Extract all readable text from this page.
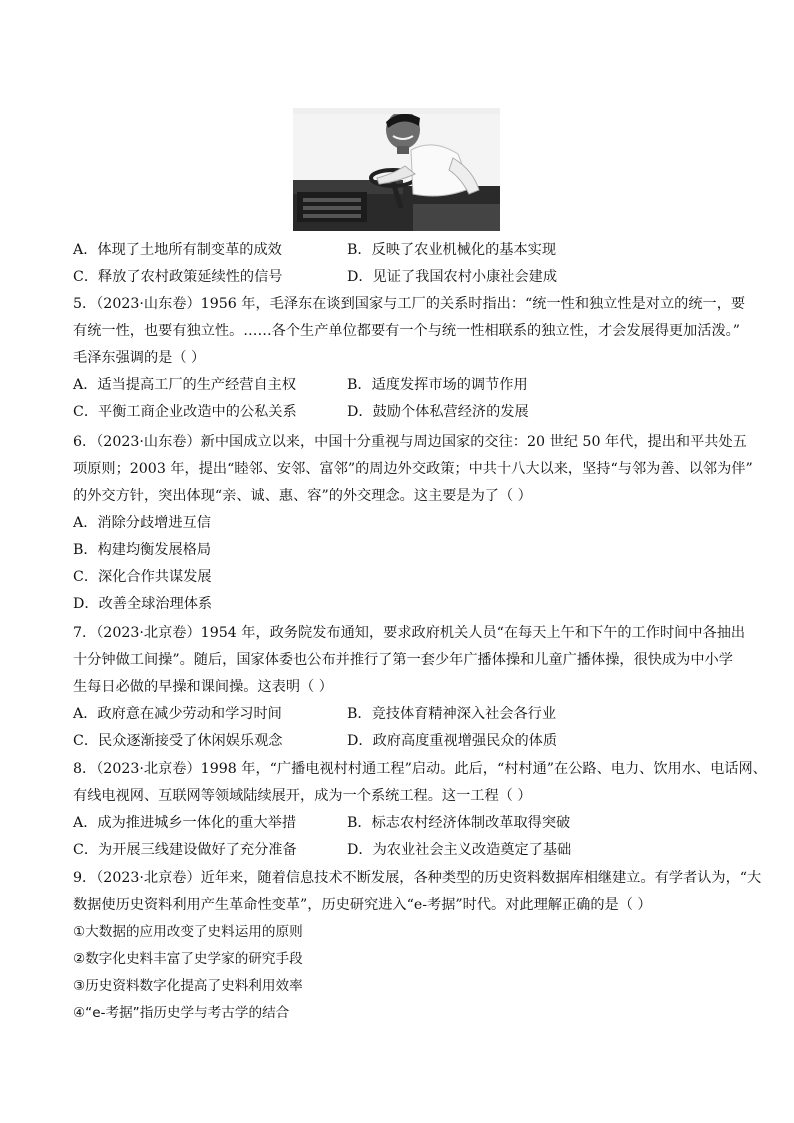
A．体现了土地所有制变革的成效	B．反映了农业机械化的基本实现
C．释放了农村政策延续性的信号	D．见证了我国农村小康社会建成
5．（2023·山东卷）1956 年，毛泽东在谈到国家与工厂的关系时指出：“统一性和独立性是对立的统一，要
有统一性，也要有独立性。……各个生产单位都要有一个与统一性相联系的独立性，才会发展得更加活泼。”
毛泽东强调的是（ ）
A．适当提高工厂的生产经营自主权	B．适度发挥市场的调节作用
C．平衡工商企业改造中的公私关系	D．鼓励个体私营经济的发展
6．（2023·山东卷）新中国成立以来，中国十分重视与周边国家的交往：20 世纪 50 年代，提出和平共处五
项原则；2003 年，提出“睦邻、安邻、富邻”的周边外交政策；中共十八大以来，坚持“与邻为善、以邻为伴”
的外交方针，突出体现“亲、诚、惠、容”的外交理念。这主要是为了（ ）
A．消除分歧增进互信
B．构建均衡发展格局
C．深化合作共谋发展
D．改善全球治理体系
7．（2023·北京卷）1954 年，政务院发布通知，要求政府机关人员“在每天上午和下午的工作时间中各抽出
十分钟做工间操”。随后，国家体委也公布并推行了第一套少年广播体操和儿童广播体操，很快成为中小学
生每日必做的早操和课间操。这表明（ ）
A．政府意在减少劳动和学习时间	B．竞技体育精神深入社会各行业
C．民众逐渐接受了休闲娱乐观念	D．政府高度重视增强民众的体质
8．（2023·北京卷）1998 年，“广播电视村村通工程”启动。此后，“村村通”在公路、电力、饮用水、电话网、
有线电视网、互联网等领域陆续展开，成为一个系统工程。这一工程（ ）
A．成为推进城乡一体化的重大举措	B．标志农村经济体制改革取得突破
C．为开展三线建设做好了充分准备	D．为农业社会主义改造奠定了基础
9．（2023·北京卷）近年来，随着信息技术不断发展，各种类型的历史资料数据库相继建立。有学者认为，“大
数据使历史资料利用产生革命性变革”，历史研究进入“e-考据”时代。对此理解正确的是（ ）
①大数据的应用改变了史料运用的原则
②数字化史料丰富了史学家的研究手段
③历史资料数字化提高了史料利用效率
④“e-考据”指历史学与考古学的结合
